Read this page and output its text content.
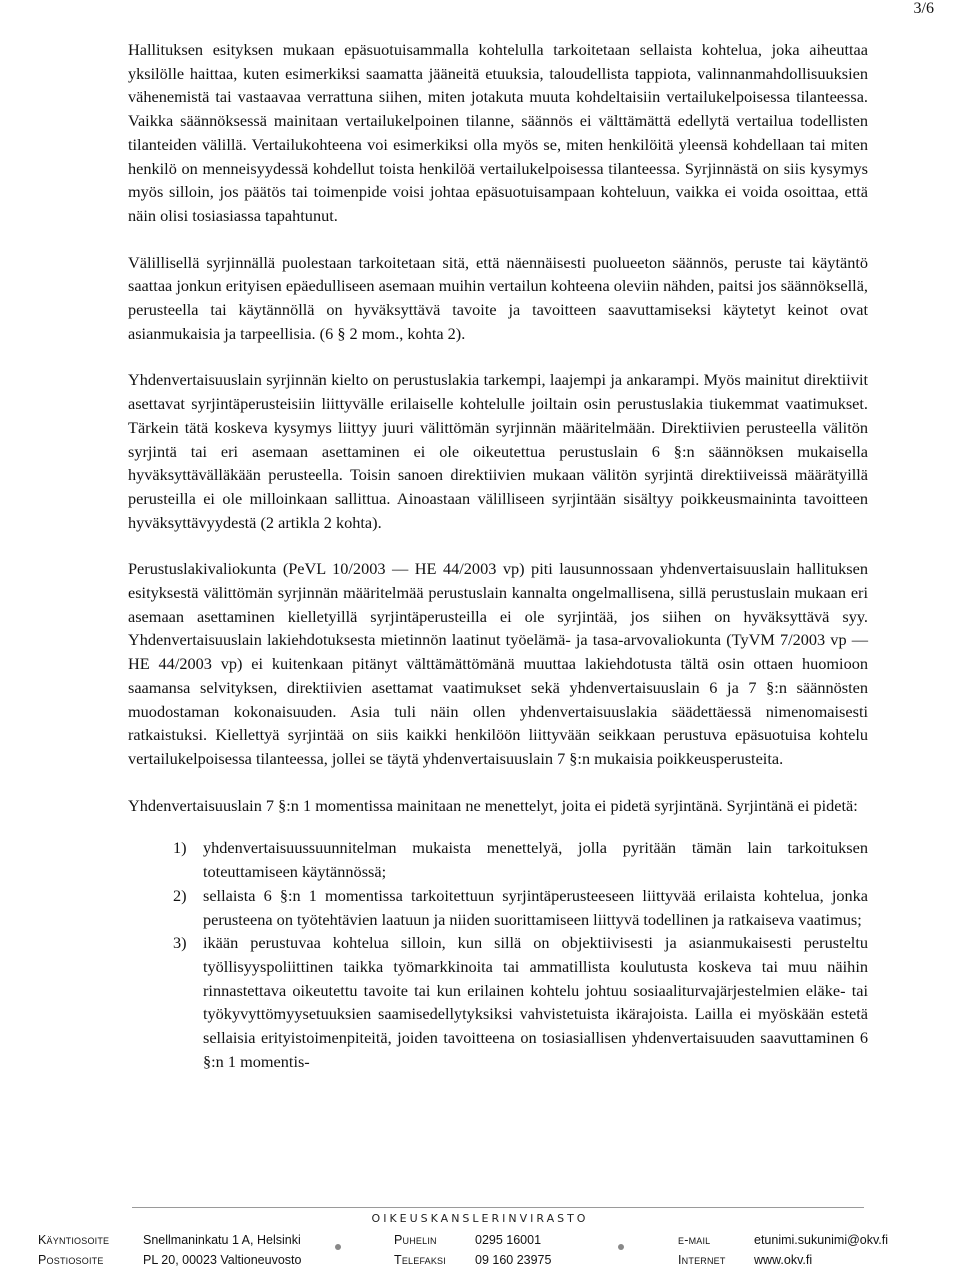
3/6

Hallituksen esityksen mukaan epäsuotuisammalla kohtelulla tarkoitetaan sellaista kohtelua, joka aiheuttaa yksilölle haittaa, kuten esimerkiksi saamatta jääneitä etuuksia, taloudellista tappiota, valinnanmahdollisuuksien vähenemistä tai vastaavaa verrattuna siihen, miten jotakuta muuta kohdeltaisiin vertailukelpoisessa tilanteessa. Vaikka säännöksessä mainitaan vertailukelpoinen tilanne, säännös ei välttämättä edellytä vertailua todellisten tilanteiden välillä. Vertailukohteena voi esimerkiksi olla myös se, miten henkilöitä yleensä kohdellaan tai miten henkilö on menneisyydessä kohdellut toista henkilöä vertailukelpoisessa tilanteessa. Syrjinnästä on siis kysymys myös silloin, jos päätös tai toimenpide voisi johtaa epäsuotuisampaan kohteluun, vaikka ei voida osoittaa, että näin olisi tosiasiassa tapahtunut.

Välillisellä syrjinnällä puolestaan tarkoitetaan sitä, että näennäisesti puolueeton säännös, peruste tai käytäntö saattaa jonkun erityisen epäedulliseen asemaan muihin vertailun kohteena oleviin nähden, paitsi jos säännöksellä, perusteella tai käytännöllä on hyväksyttävä tavoite ja tavoitteen saavuttamiseksi käytetyt keinot ovat asianmukaisia ja tarpeellisia. (6 § 2 mom., kohta 2).

Yhdenvertaisuuslain syrjinnän kielto on perustuslakia tarkempi, laajempi ja ankarampi. Myös mainitut direktiivit asettavat syrjintäperusteisiin liittyvälle erilaiselle kohtelulle joiltain osin perustuslakia tiukemmat vaatimukset. Tärkein tätä koskeva kysymys liittyy juuri välittömän syrjinnän määritelmään. Direktiivien perusteella välitön syrjintä tai eri asemaan asettaminen ei ole oikeutettua perustuslain 6 §:n säännöksen mukaisella hyväksyttävälläkään perusteella. Toisin sanoen direktiivien mukaan välitön syrjintä direktiiveissä määrätyillä perusteilla ei ole milloinkaan sallittua. Ainoastaan välilliseen syrjintään sisältyy poikkeusmaininta tavoitteen hyväksyttävyydestä (2 artikla 2 kohta).

Perustuslakivaliokunta (PeVL 10/2003 — HE 44/2003 vp) piti lausunnossaan yhdenvertaisuuslain hallituksen esityksestä välittömän syrjinnän määritelmää perustuslain kannalta ongelmallisena, sillä perustuslain mukaan eri asemaan asettaminen kielletyillä syrjintäperusteilla ei ole syrjintää, jos siihen on hyväksyttävä syy. Yhdenvertaisuuslain lakiehdotuksesta mietinnön laatinut työelämä- ja tasa-arvovaliokunta (TyVM 7/2003 vp — HE 44/2003 vp) ei kuitenkaan pitänyt välttämättömänä muuttaa lakiehdotusta tältä osin ottaen huomioon saamansa selvityksen, direktiivien asettamat vaatimukset sekä yhdenvertaisuuslain 6 ja 7 §:n säännösten muodostaman kokonaisuuden. Asia tuli näin ollen yhdenvertaisuuslakia säädettäessä nimenomaisesti ratkaistuksi. Kiellettyä syrjintää on siis kaikki henkilöön liittyvään seikkaan perustuva epäsuotuisa kohtelu vertailukelpoisessa tilanteessa, jollei se täytä yhdenvertaisuuslain 7 §:n mukaisia poikkeusperusteita.

Yhdenvertaisuuslain 7 §:n 1 momentissa mainitaan ne menettelyt, joita ei pidetä syrjintänä. Syrjintänä ei pidetä:

1) yhdenvertaisuussuunnitelman mukaista menettelyä, jolla pyritään tämän lain tarkoituksen toteuttamiseen käytännössä;
2) sellaista 6 §:n 1 momentissa tarkoitettuun syrjintäperusteeseen liittyvää erilaista kohtelua, jonka perusteena on työtehtävien laatuun ja niiden suorittamiseen liittyvä todellinen ja ratkaiseva vaatimus;
3) ikään perustuvaa kohtelua silloin, kun sillä on objektiivisesti ja asianmukaisesti perusteltu työllisyyspoliittinen taikka työmarkkinoita tai ammatillista koulutusta koskeva tai muu näihin rinnastettava oikeutettu tavoite tai kun erilainen kohtelu johtuu sosiaaliturvajärjestelmien eläke- tai työkyvyttömyysetuuksien saamisedellytyksiksi vahvistetuista ikärajoista. Lailla ei myöskään estetä sellaisia erityistoimenpiteitä, joiden tavoitteena on tosiasiallisen yhdenvertaisuuden saavuttaminen 6 §:n 1 momentis-
OIKEUSKANSLERINVIRASTO
Käyntiosoite	Snellmaninkatu 1 A, Helsinki	Puhelin	0295 16001	e-mail	etunimi.sukunimi@okv.fi
Postiosoite	PL 20, 00023 Valtioneuvosto	Telefaksi 09 160 23975	Internet www.okv.fi
